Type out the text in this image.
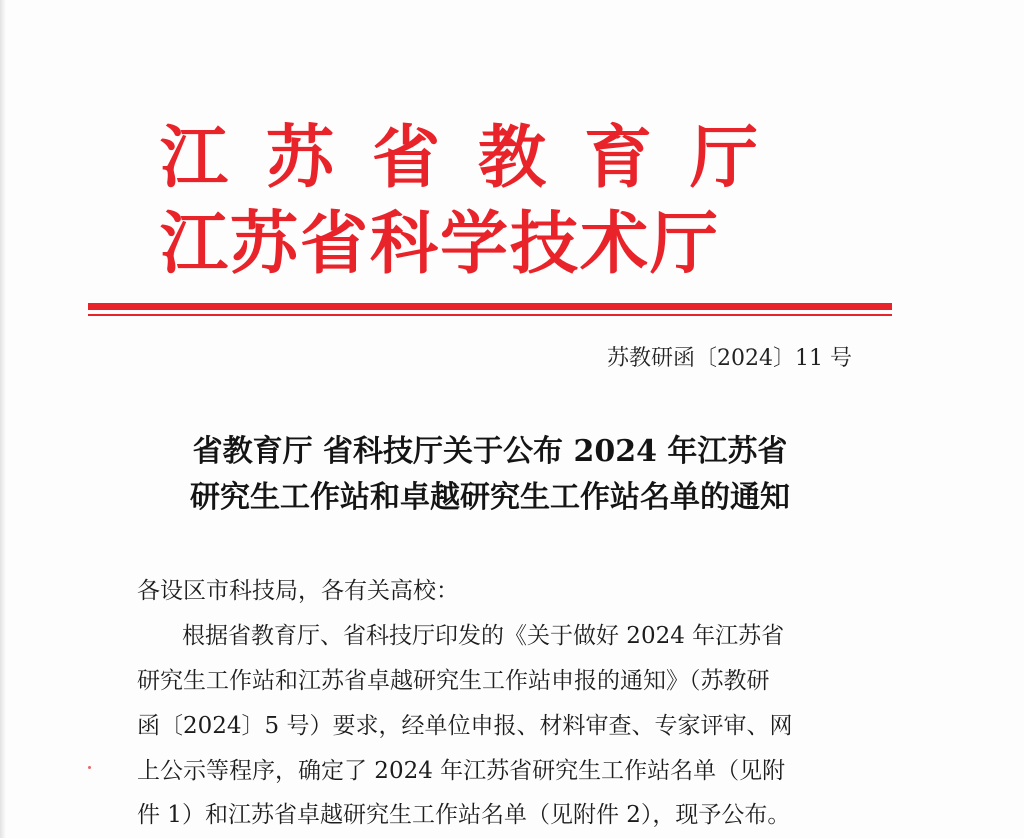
江苏省教育厅
江苏省科学技术厅
苏教研函〔2024〕11 号
省教育厅 省科技厅关于公布 2024 年江苏省
研究生工作站和卓越研究生工作站名单的通知
各设区市科技局，各有关高校：
根据省教育厅、省科技厅印发的《关于做好 2024 年江苏省
研究生工作站和江苏省卓越研究生工作站申报的通知》（苏教研
函〔2024〕5 号）要求，经单位申报、材料审查、专家评审、网
上公示等程序，确定了 2024 年江苏省研究生工作站名单（见附
件 1）和江苏省卓越研究生工作站名单（见附件 2），现予公布。
